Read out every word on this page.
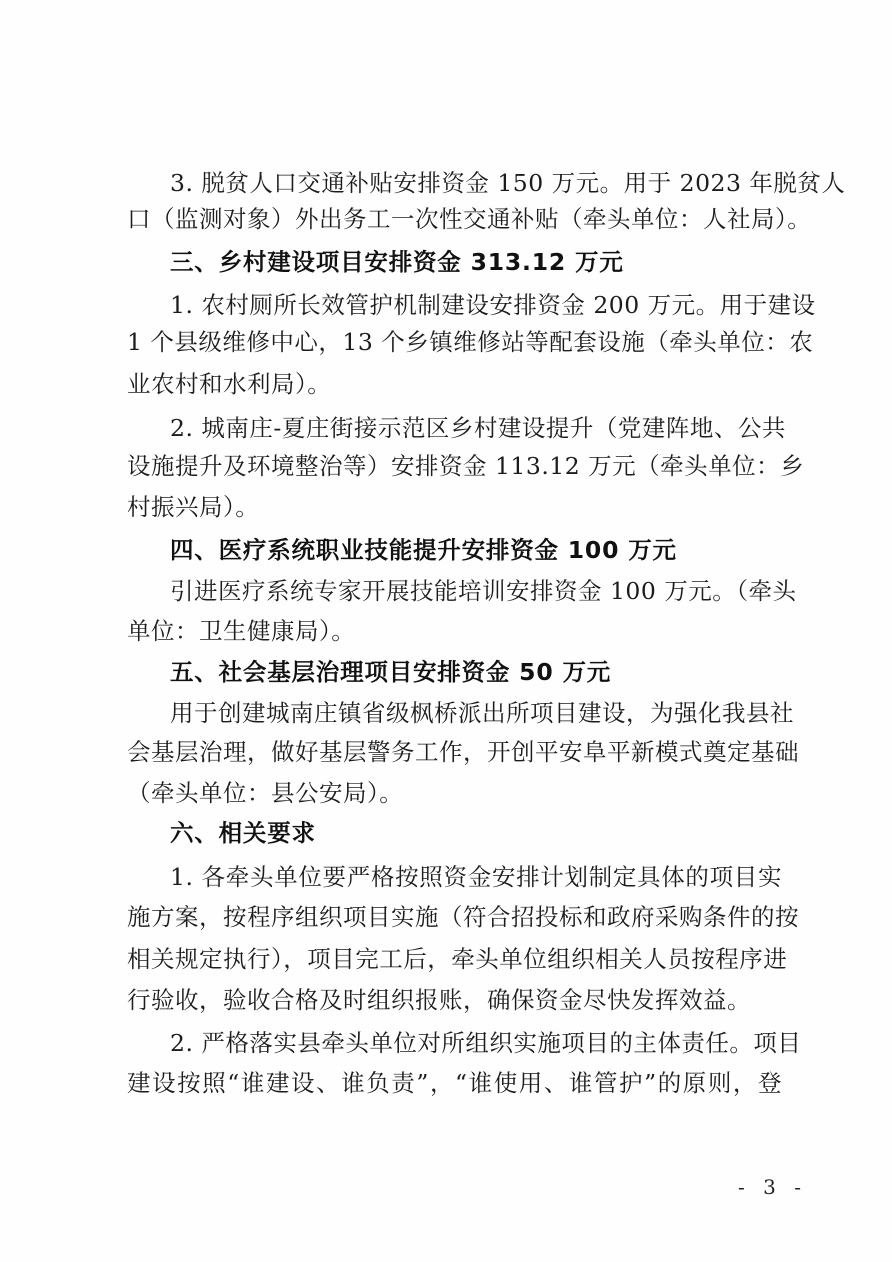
3. 脱贫人口交通补贴安排资金 150 万元。用于 2023 年脱贫人
口（监测对象）外出务工一次性交通补贴（牵头单位：人社局）。
三、乡村建设项目安排资金 313.12 万元
1. 农村厕所长效管护机制建设安排资金 200 万元。用于建设
1 个县级维修中心，13 个乡镇维修站等配套设施（牵头单位：农
业农村和水利局）。
2. 城南庄-夏庄街接示范区乡村建设提升（党建阵地、公共
设施提升及环境整治等）安排资金 113.12 万元（牵头单位：乡
村振兴局）。
四、医疗系统职业技能提升安排资金 100 万元
引进医疗系统专家开展技能培训安排资金 100 万元。（牵头
单位：卫生健康局）。
五、社会基层治理项目安排资金 50 万元
用于创建城南庄镇省级枫桥派出所项目建设，为强化我县社
会基层治理，做好基层警务工作，开创平安阜平新模式奠定基础
（牵头单位：县公安局）。
六、相关要求
1. 各牵头单位要严格按照资金安排计划制定具体的项目实
施方案，按程序组织项目实施（符合招投标和政府采购条件的按
相关规定执行），项目完工后，牵头单位组织相关人员按程序进
行验收，验收合格及时组织报账，确保资金尽快发挥效益。
2. 严格落实县牵头单位对所组织实施项目的主体责任。项目
建设按照“谁建设、谁负责”，“谁使用、谁管护”的原则，登
- 3 -
